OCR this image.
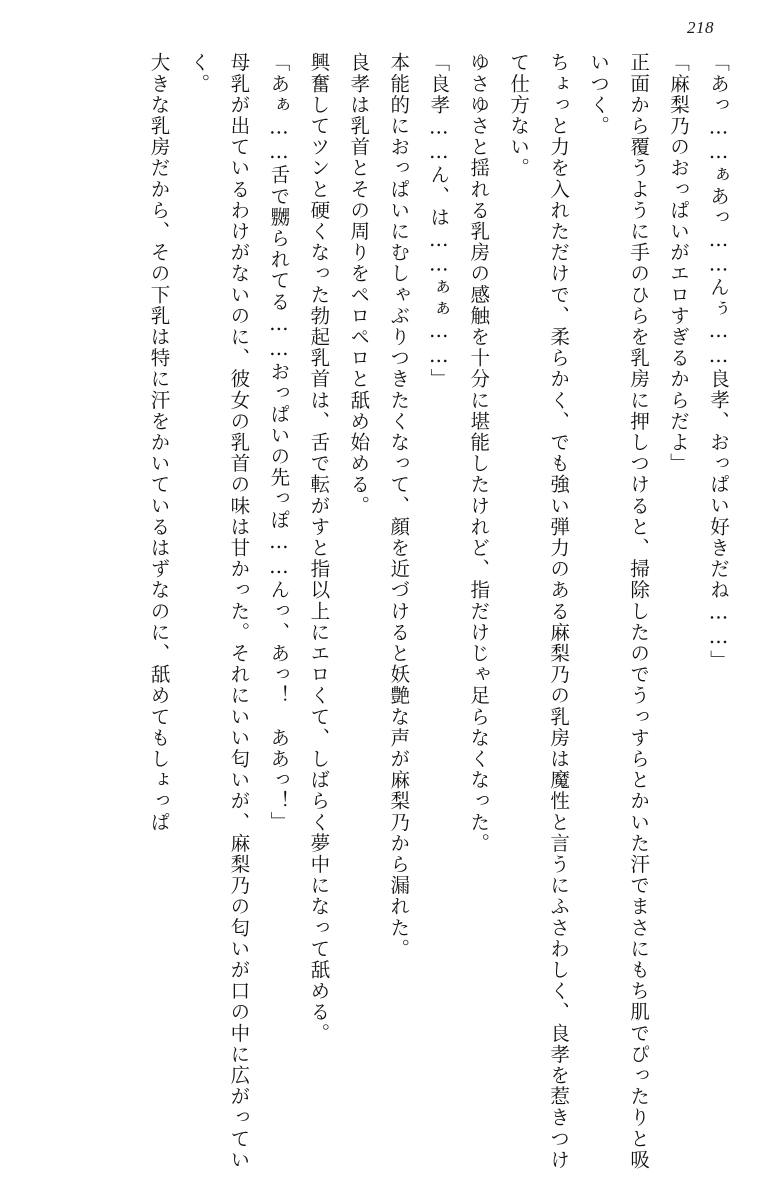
218

「あっ……ぁあっ……んぅ……良孝、おっぱい好きだね……」

「麻梨乃のおっぱいがエロすぎるからだよ」

正面から覆うように手のひらを乳房に押しつけると、掃除したのでうっすらとかいた汗でまさにもち肌でぴったりと吸いつく。

ちょっと力を入れただけで、柔らかく、でも強い弾力のある麻梨乃の乳房は魔性と言うにふさわしく、良孝を惹きつけて仕方ない。

ゆさゆさと揺れる乳房の感触を十分に堪能したけれど、指だけじゃ足らなくなった。

「良孝……ん、は……ぁぁ……」

本能的におっぱいにむしゃぶりつきたくなって、顔を近づけると妖艶な声が麻梨乃から漏れた。

良孝は乳首とその周りをペロペロと舐め始める。

興奮してツンと硬くなった勃起乳首は、舌で転がすと指以上にエロくて、しばらく夢中になって舐める。

「あぁ……舌で嬲られてる……おっぱいの先っぽ……んっ、あっ！　ああっ！」

母乳が出ているわけがないのに、彼女の乳首の味は甘かった。それにいい匂いが、麻梨乃の匂いが口の中に広がっていく。

大きな乳房だから、その下乳は特に汗をかいているはずなのに、舐めてもしょっぱ
